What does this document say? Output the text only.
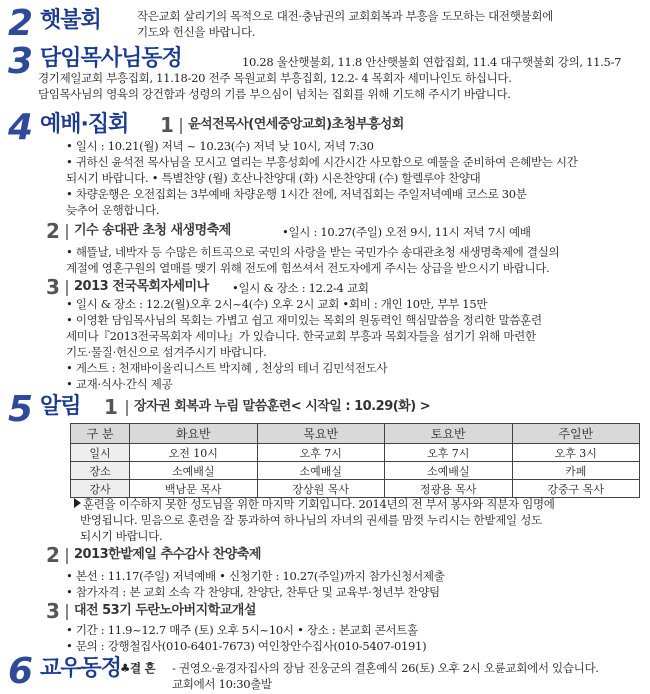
2 햇불회	작은교회 살리기의 목적으로 대전·충남권의 교회회복과 부흥을 도모하는 대전햇불회에
기도와 헌신을 바랍니다.
3 담임목사님동정	10.28 울산햇불회, 11.8 안산햇불회 연합집회, 11.4 대구햇불회 강의, 11.5-7
경기제일교회 부흥집회, 11.18-20 전주 목원교회 부흥집회, 12.2- 4 목회자 세미나인도 하십니다.
담임목사님의 영육의 강건함과 성령의 기름 부으심이 넘치는 집회를 위해 기도해 주시기 바랍니다.
4 예배·집회 1 윤석전목사(연세중앙교회)초청부흥성회
• 일시 : 10.21(월) 저녁 ~ 10.23(수) 저녁 낮 10시, 저녁 7:30
• 귀하신 윤석전 목사님을 모시고 열리는 부흥성회에 시간시간 사모함으로 예물을 준비하여 은혜받는 시간
되시기 바랍니다. • 특별찬양 (월) 호산나찬양대 (화) 시온찬양대 (수) 할렐루야 찬양대
• 차량운행은 오전집회는 3부예배 차량운행 1시간 전에, 저녁집회는 주일저녁예배 코스로 30분
늦추어 운행합니다.
2 기수 송대관 초청 새생명축제	•일시 : 10.27(주일) 오전 9시, 11시 저녁 7시 예배
• 해뜰날, 네박자 등 수많은 히트곡으로 국민의 사랑을 받는 국민가수 송대관초청 새생명축제에 결실의
계절에 영혼구원의 열매를 맺기 위해 전도에 힘쓰셔서 전도자에게 주시는 상급을 받으시기 바랍니다.
3 2013 전국목회자세미나 •일시 & 장소 : 12.2-4 교회
• 일시 & 장소 : 12.2(월)오후 2시~4(수) 오후 2시 교회 •회비 : 개인 10만, 부부 15만
• 이영환 담임목사님의 목회는 가볍고 쉽고 재미있는 목회의 원동력인 핵심말씀을 정리한 말씀훈련
세미나『2013전국목회자 세미나』가 있습니다. 한국교회 부흥과 목회자들을 섬기기 위해 마련한
기도·물질·헌신으로 섬겨주시기 바랍니다.
• 게스트 : 천재바이올리니스트 박지혜 , 천상의 테너 김민석전도사
• 교재·식사·간식 제공
5 알림 1 장자권 회복과 누림 말씀훈련< 시작일 : 10.29(화) >
구 분	화요반	목요반	토요반	주일반
일시	오전 10시	오후 7시	오후 7시	오후 3시
장소	소예배실	소예배실	소예배실	카페
강사	백남문 목사	장상원 목사	정광용 목사	강중구 목사
훈련을 이수하지 못한 성도님을 위한 마지막 기회입니다. 2014년의 전 부서 봉사와 직분자 임명에
반영됩니다. 믿음으로 훈련을 잘 통과하여 하나님의 자녀의 권세를 맘껏 누리시는 한밭제일 성도
되시기 바랍니다.
2 2013한밭제일 추수감사 찬양축제
• 본선 : 11.17(주일) 저녁예배 • 신청기한 : 10.27(주일)까지 참가신청서제출
• 참가자격 : 본 교회 소속 각 찬양대, 찬양단, 찬투단 및 교육부·청년부 찬양팀
3 대전 53기 두란노아버지학교개설
• 기간 : 11.9~12.7 매주 (토) 오후 5시~10시 • 장소 : 본교회 콘서트홀
• 문의 : 강행철집사(010-6401-7673) 여인창안수집사(010-5407-0191)
6 교우동정
♣결 혼 - 권영오·윤경자집사의 장남 진웅군의 결혼예식 26(토) 오후 2시 오륜교회에서 있습니다.
교회에서 10:30출발
